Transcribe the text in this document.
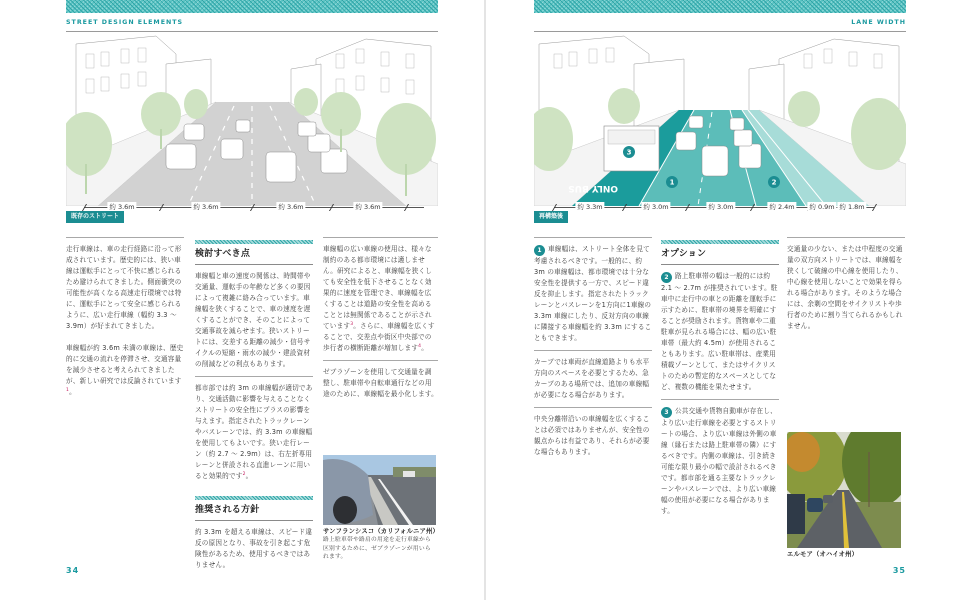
STREET DESIGN ELEMENTS
約 3.6m	約 3.6m	約 3.6m	約 3.6m
既存のストリート

走行車線は、車の走行経路に沿って形成されています。歴史的には、狭い車線は運転手にとって不快に感じられるため避けられてきました。側面衝突の可能性が高くなる高速走行環境では特に、運転手にとって安全に感じられるように、広い走行車線（幅約 3.3 〜 3.9m）が好まれてきました。

車線幅が約 3.6m 未満の車線は、歴史的に交通の流れを停滞させ、交通容量を減少させると考えられてきましたが、新しい研究では反論されています$^1$。

検討すべき点

車線幅と車の速度の関係は、時間帯や交通量、運転手の年齢など多くの要因によって複雑に絡み合っています。車線幅を狭くすることで、車の速度を遅くすることができ、そのことによって交通事故を減らせます。狭いストリートには、交差する距離の減少・信号サイクルの短縮・雨水の減少・建設資材の削減などの利点もあります。

都市部では約 3m の車線幅が適切であり、交通活動に影響を与えることなくストリートの安全性にプラスの影響を与えます。指定されたトラックレーンやバスレーンでは、約 3.3m の車線幅を使用してもよいです。狭い走行レーン（約 2.7 〜 2.9m）は、右左折専用レーンと併設される直進レーンに用いると効果的です$^2$。

推奨される方針

約 3.3m を超える車線は、スピード違反の原因となり、事故を引き起こす危険性があるため、使用するべきではありません。

車線幅の広い車線の使用は、様々な制約のある都市環境には適しません。研究によると、車線幅を狭くしても安全性を低下させることなく効果的に速度を管理でき、車線幅を広くすることは道路の安全性を高めることとは無関係であることが示されています$^3$。さらに、車線幅を広くすることで、交差点や街区中央部での歩行者の横断距離が増加します$^4$。

ゼブラゾーンを使用して交通量を調整し、駐車帯や自転車通行などの用途のために、車線幅を最小化します。

サンフランシスコ（カリフォルニア州）
路上駐車帯や路肩の用途を走行車線から区別するために、ゼブラゾーンが用いられます。
34
LANE WIDTH
ONLY BUS
3
1	2
約 3.3m	約 3.0m	約 3.0m	約 2.4m	約 0.9m 約 1.8m
再構築後

1 車線幅は、ストリート全体を見て考慮されるべきです。一般的に、約 3m の車線幅は、都市環境では十分な安全性を提供する一方で、スピード違反を抑止します。指定されたトラックレーンとバスレーンを1方向に1車線の3.3m 車線にしたり、反対方向の車線に隣接する車線幅を約 3.3m にすることもできます。

カーブでは車両が直線道路よりも水平方向のスペースを必要とするため、急カーブのある場所では、追加の車線幅が必要になる場合があります。

中央分離帯沿いの車線幅を広くすることは必須ではありませんが、安全性の観点からは有益であり、それらが必要な場合もあります。

オプション

2 路上駐車帯の幅は一般的には約 2.1 〜 2.7m が推奨されています。駐車中に走行中の車との距離を運転手に示すために、駐車帯の境界を明確にすることが奨励されます。貨物車や二重駐車が見られる場合には、幅の広い駐車帯（最大約 4.5m）が使用されることもあります。広い駐車帯は、産業用積載ゾーンとして、またはサイクリストのための暫定的なスペースとしてなど、複数の機能を果たせます。

3 公共交通や貨物自動車が存在し、より広い走行車線を必要とするストリートの場合、より広い車線は外側の車線（縁石または路上駐車帯の隣）にするべきです。内側の車線は、引き続き可能な限り最小の幅で設計されるべきです。都市部を通る主要なトラックレーンやバスレーンでは、より広い車線幅の使用が必要になる場合があります。

交通量の少ない、または中程度の交通量の双方向ストリートでは、車線幅を狭くして破線の中心線を使用したり、中心線を使用しないことで効果を得られる場合があります。そのような場合には、余剰の空間をサイクリストや歩行者のために割り当てられるかもしれません。

エルモア（オハイオ州）
35
